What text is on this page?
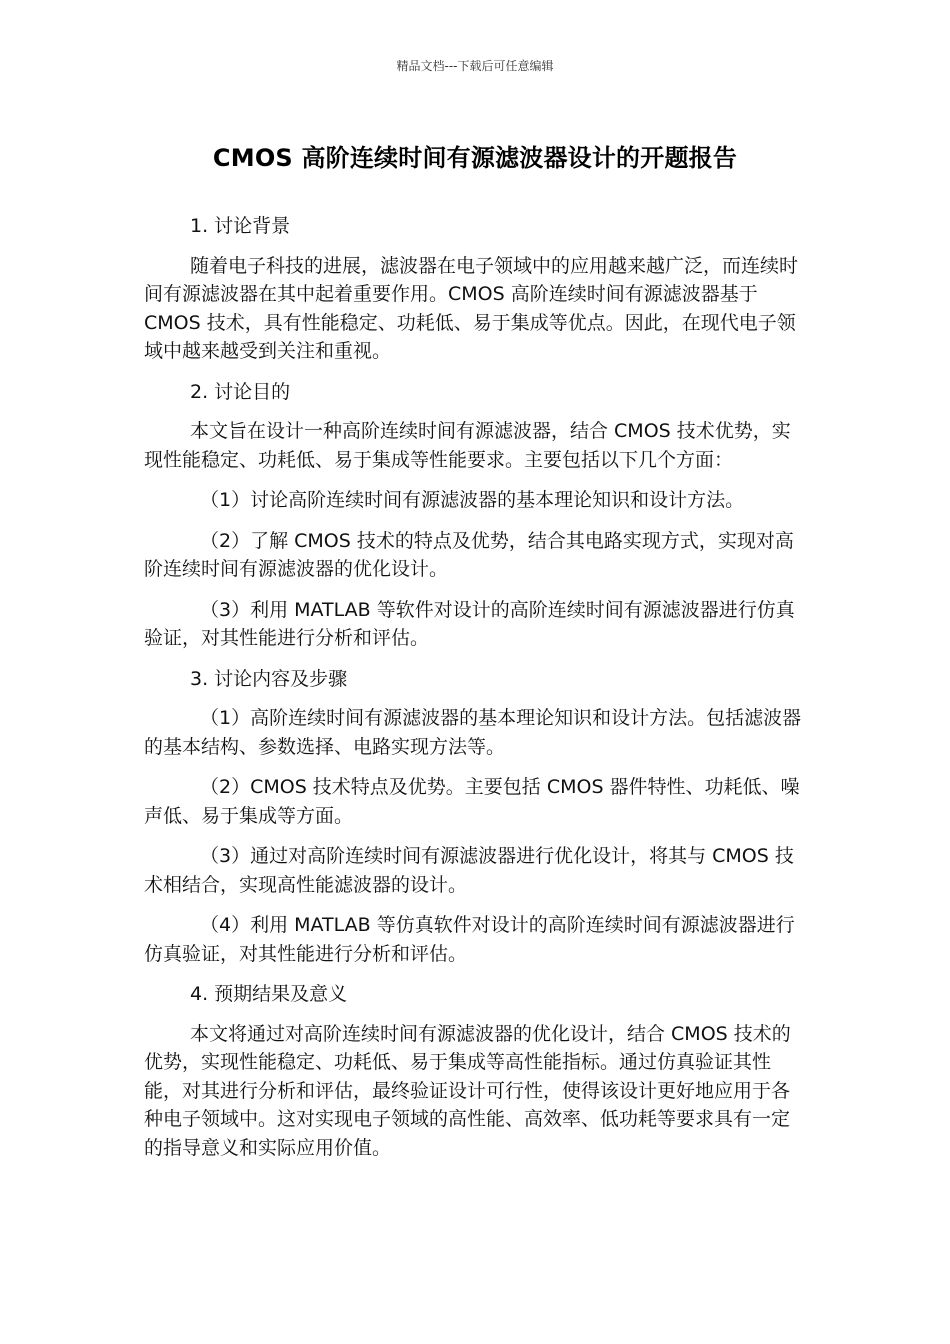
精品文档---下载后可任意编辑
CMOS 高阶连续时间有源滤波器设计的开题报告
1. 讨论背景
随着电子科技的进展，滤波器在电子领域中的应用越来越广泛，而连续时间有源滤波器在其中起着重要作用。CMOS 高阶连续时间有源滤波器基于 CMOS 技术，具有性能稳定、功耗低、易于集成等优点。因此，在现代电子领域中越来越受到关注和重视。
2. 讨论目的
本文旨在设计一种高阶连续时间有源滤波器，结合 CMOS 技术优势，实现性能稳定、功耗低、易于集成等性能要求。主要包括以下几个方面：
（1）讨论高阶连续时间有源滤波器的基本理论知识和设计方法。
（2）了解 CMOS 技术的特点及优势，结合其电路实现方式，实现对高阶连续时间有源滤波器的优化设计。
（3）利用 MATLAB 等软件对设计的高阶连续时间有源滤波器进行仿真验证，对其性能进行分析和评估。
3. 讨论内容及步骤
（1）高阶连续时间有源滤波器的基本理论知识和设计方法。包括滤波器的基本结构、参数选择、电路实现方法等。
（2）CMOS 技术特点及优势。主要包括 CMOS 器件特性、功耗低、噪声低、易于集成等方面。
（3）通过对高阶连续时间有源滤波器进行优化设计，将其与 CMOS 技术相结合，实现高性能滤波器的设计。
（4）利用 MATLAB 等仿真软件对设计的高阶连续时间有源滤波器进行仿真验证，对其性能进行分析和评估。
4. 预期结果及意义
本文将通过对高阶连续时间有源滤波器的优化设计，结合 CMOS 技术的优势，实现性能稳定、功耗低、易于集成等高性能指标。通过仿真验证其性能，对其进行分析和评估，最终验证设计可行性，使得该设计更好地应用于各种电子领域中。这对实现电子领域的高性能、高效率、低功耗等要求具有一定的指导意义和实际应用价值。
